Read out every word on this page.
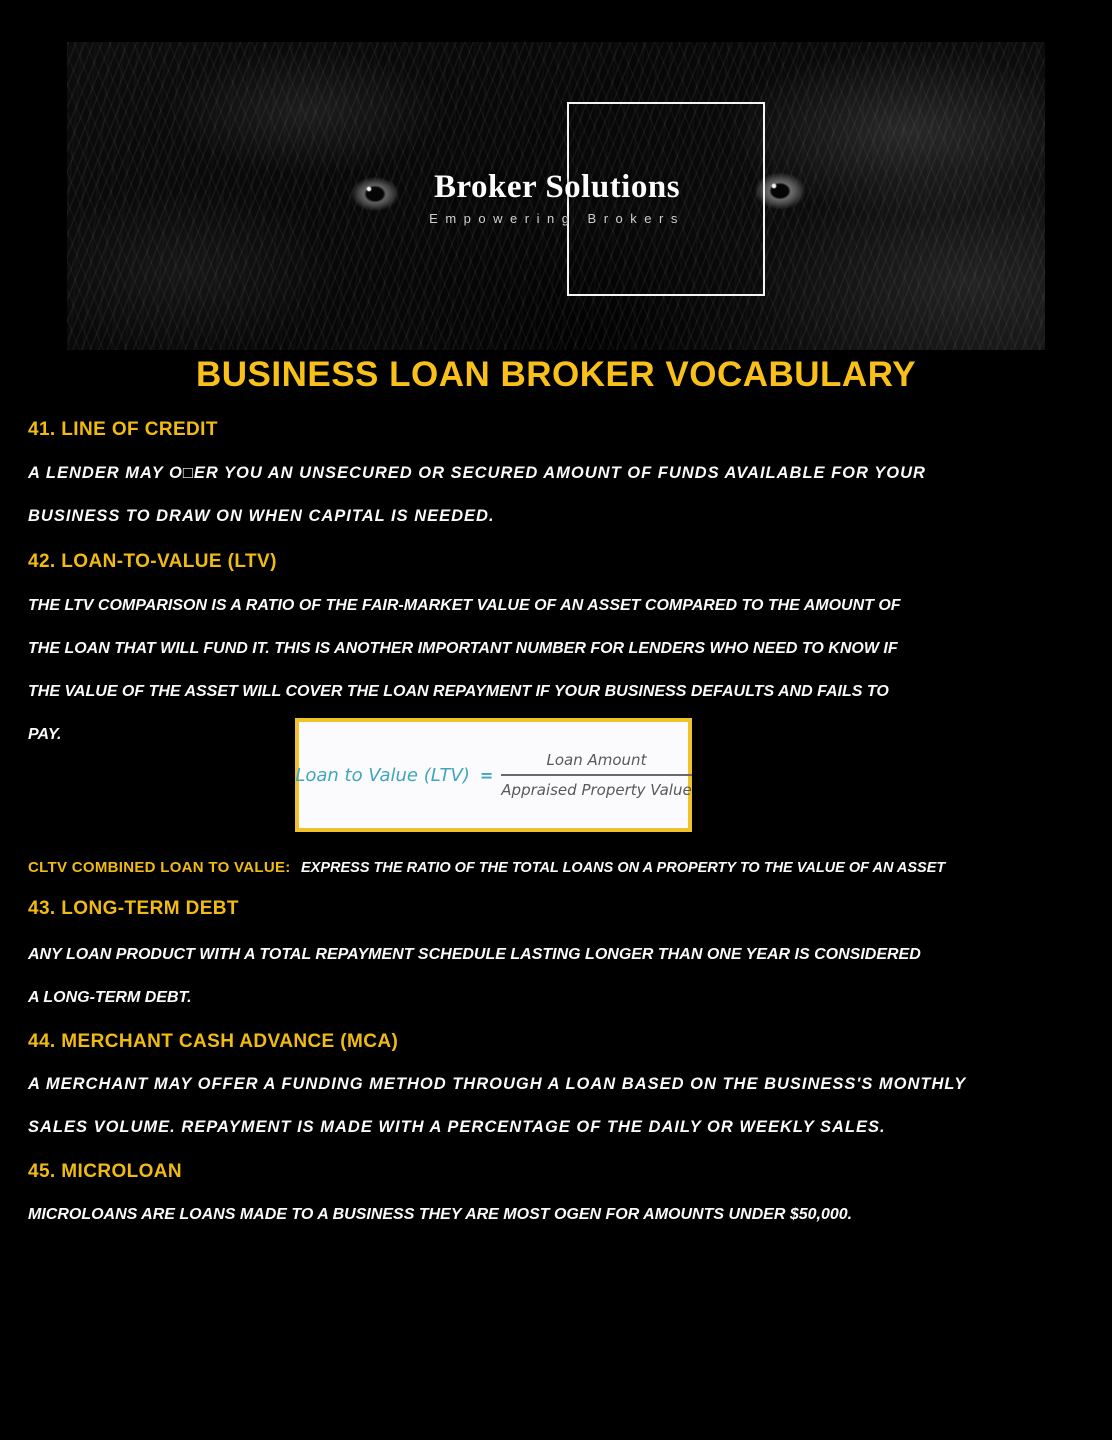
Broker Solutions
Empowering Brokers
BUSINESS LOAN BROKER VOCABULARY
41. LINE OF CREDIT
A LENDER MAY O□ER YOU AN UNSECURED OR SECURED AMOUNT OF FUNDS AVAILABLE FOR YOUR
BUSINESS TO DRAW ON WHEN CAPITAL IS NEEDED.
42. LOAN-TO-VALUE (LTV)
THE LTV COMPARISON IS A RATIO OF THE FAIR-MARKET VALUE OF AN ASSET COMPARED TO THE AMOUNT OF
THE LOAN THAT WILL FUND IT. THIS IS ANOTHER IMPORTANT NUMBER FOR LENDERS WHO NEED TO KNOW IF
THE VALUE OF THE ASSET WILL COVER THE LOAN REPAYMENT IF YOUR BUSINESS DEFAULTS AND FAILS TO
PAY.
Loan to Value $(LTV) = \frac{\text{Loan Amount}}{\text{Appraised Property Value}}$
CLTV COMBINED LOAN TO VALUE: EXPRESS THE RATIO OF THE TOTAL LOANS ON A PROPERTY TO THE VALUE OF AN ASSET
43. LONG-TERM DEBT
ANY LOAN PRODUCT WITH A TOTAL REPAYMENT SCHEDULE LASTING LONGER THAN ONE YEAR IS CONSIDERED
A LONG-TERM DEBT.
44. MERCHANT CASH ADVANCE (MCA)
A MERCHANT MAY OFFER A FUNDING METHOD THROUGH A LOAN BASED ON THE BUSINESS'S MONTHLY
SALES VOLUME. REPAYMENT IS MADE WITH A PERCENTAGE OF THE DAILY OR WEEKLY SALES.
45. MICROLOAN
MICROLOANS ARE LOANS MADE TO A BUSINESS THEY ARE MOST OGEN FOR AMOUNTS UNDER $50,000.
